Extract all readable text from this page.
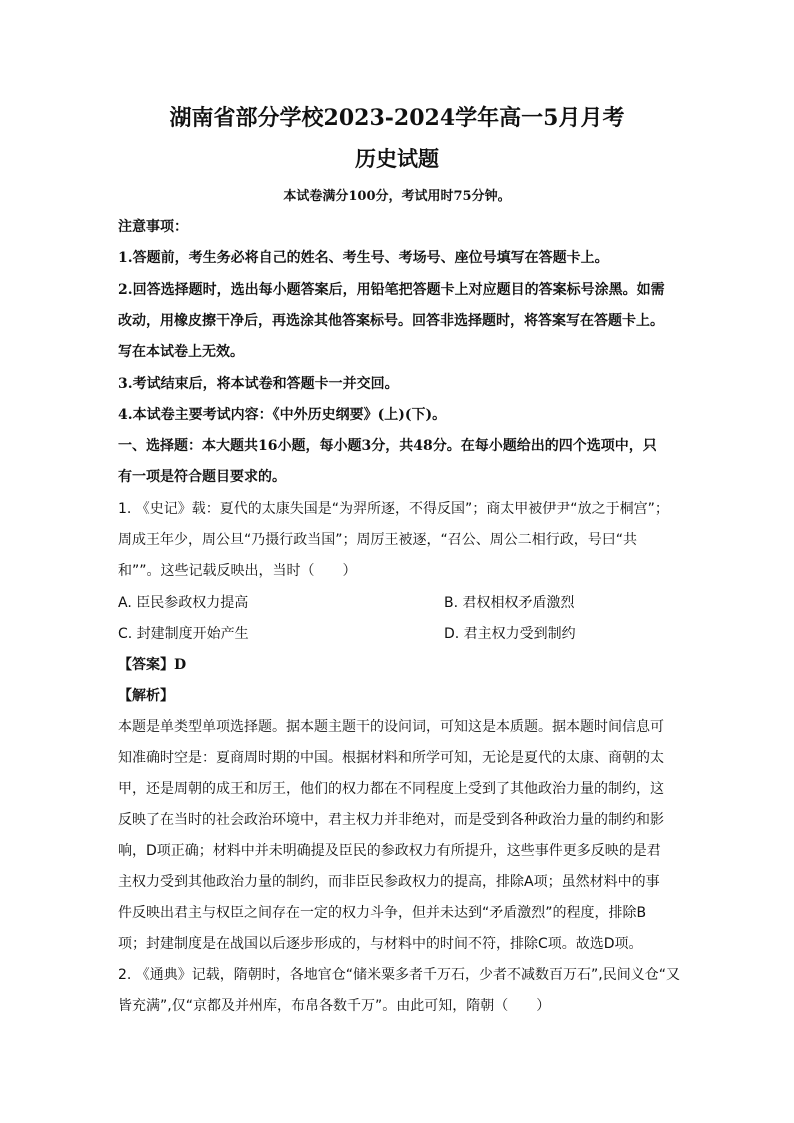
湖南省部分学校2023-2024学年高一5月月考
历史试题
本试卷满分100分，考试用时75分钟。
注意事项：
1.答题前，考生务必将自己的姓名、考生号、考场号、座位号填写在答题卡上。
2.回答选择题时，选出每小题答案后，用铅笔把答题卡上对应题目的答案标号涂黑。如需
改动，用橡皮擦干净后，再选涂其他答案标号。回答非选择题时，将答案写在答题卡上。
写在本试卷上无效。
3.考试结束后，将本试卷和答题卡一并交回。
4.本试卷主要考试内容：《中外历史纲要》(上)(下)。
一、选择题：本大题共16小题，每小题3分，共48分。在每小题给出的四个选项中，只
有一项是符合题目要求的。
1. 《史记》载：夏代的太康失国是“为羿所逐，不得反国”；商太甲被伊尹“放之于桐宫”；
周成王年少，周公旦“乃摄行政当国”；周厉王被逐，“召公、周公二相行政，号曰“共
和””。这些记载反映出，当时（　　）
A. 臣民参政权力提高	B. 君权相权矛盾激烈
C. 封建制度开始产生	D. 君主权力受到制约
【答案】D
【解析】
本题是单类型单项选择题。据本题主题干的设问词，可知这是本质题。据本题时间信息可
知准确时空是：夏商周时期的中国。根据材料和所学可知，无论是夏代的太康、商朝的太
甲，还是周朝的成王和厉王，他们的权力都在不同程度上受到了其他政治力量的制约，这
反映了在当时的社会政治环境中，君主权力并非绝对，而是受到各种政治力量的制约和影
响，D项正确；材料中并未明确提及臣民的参政权力有所提升，这些事件更多反映的是君
主权力受到其他政治力量的制约，而非臣民参政权力的提高，排除A项；虽然材料中的事
件反映出君主与权臣之间存在一定的权力斗争，但并未达到“矛盾激烈”的程度，排除B
项；封建制度是在战国以后逐步形成的，与材料中的时间不符，排除C项。故选D项。
2. 《通典》记载，隋朝时，各地官仓“储米粟多者千万石，少者不减数百万石”,民间义仓“又
皆充满”,仅“京都及并州库，布帛各数千万”。由此可知，隋朝（　　）
